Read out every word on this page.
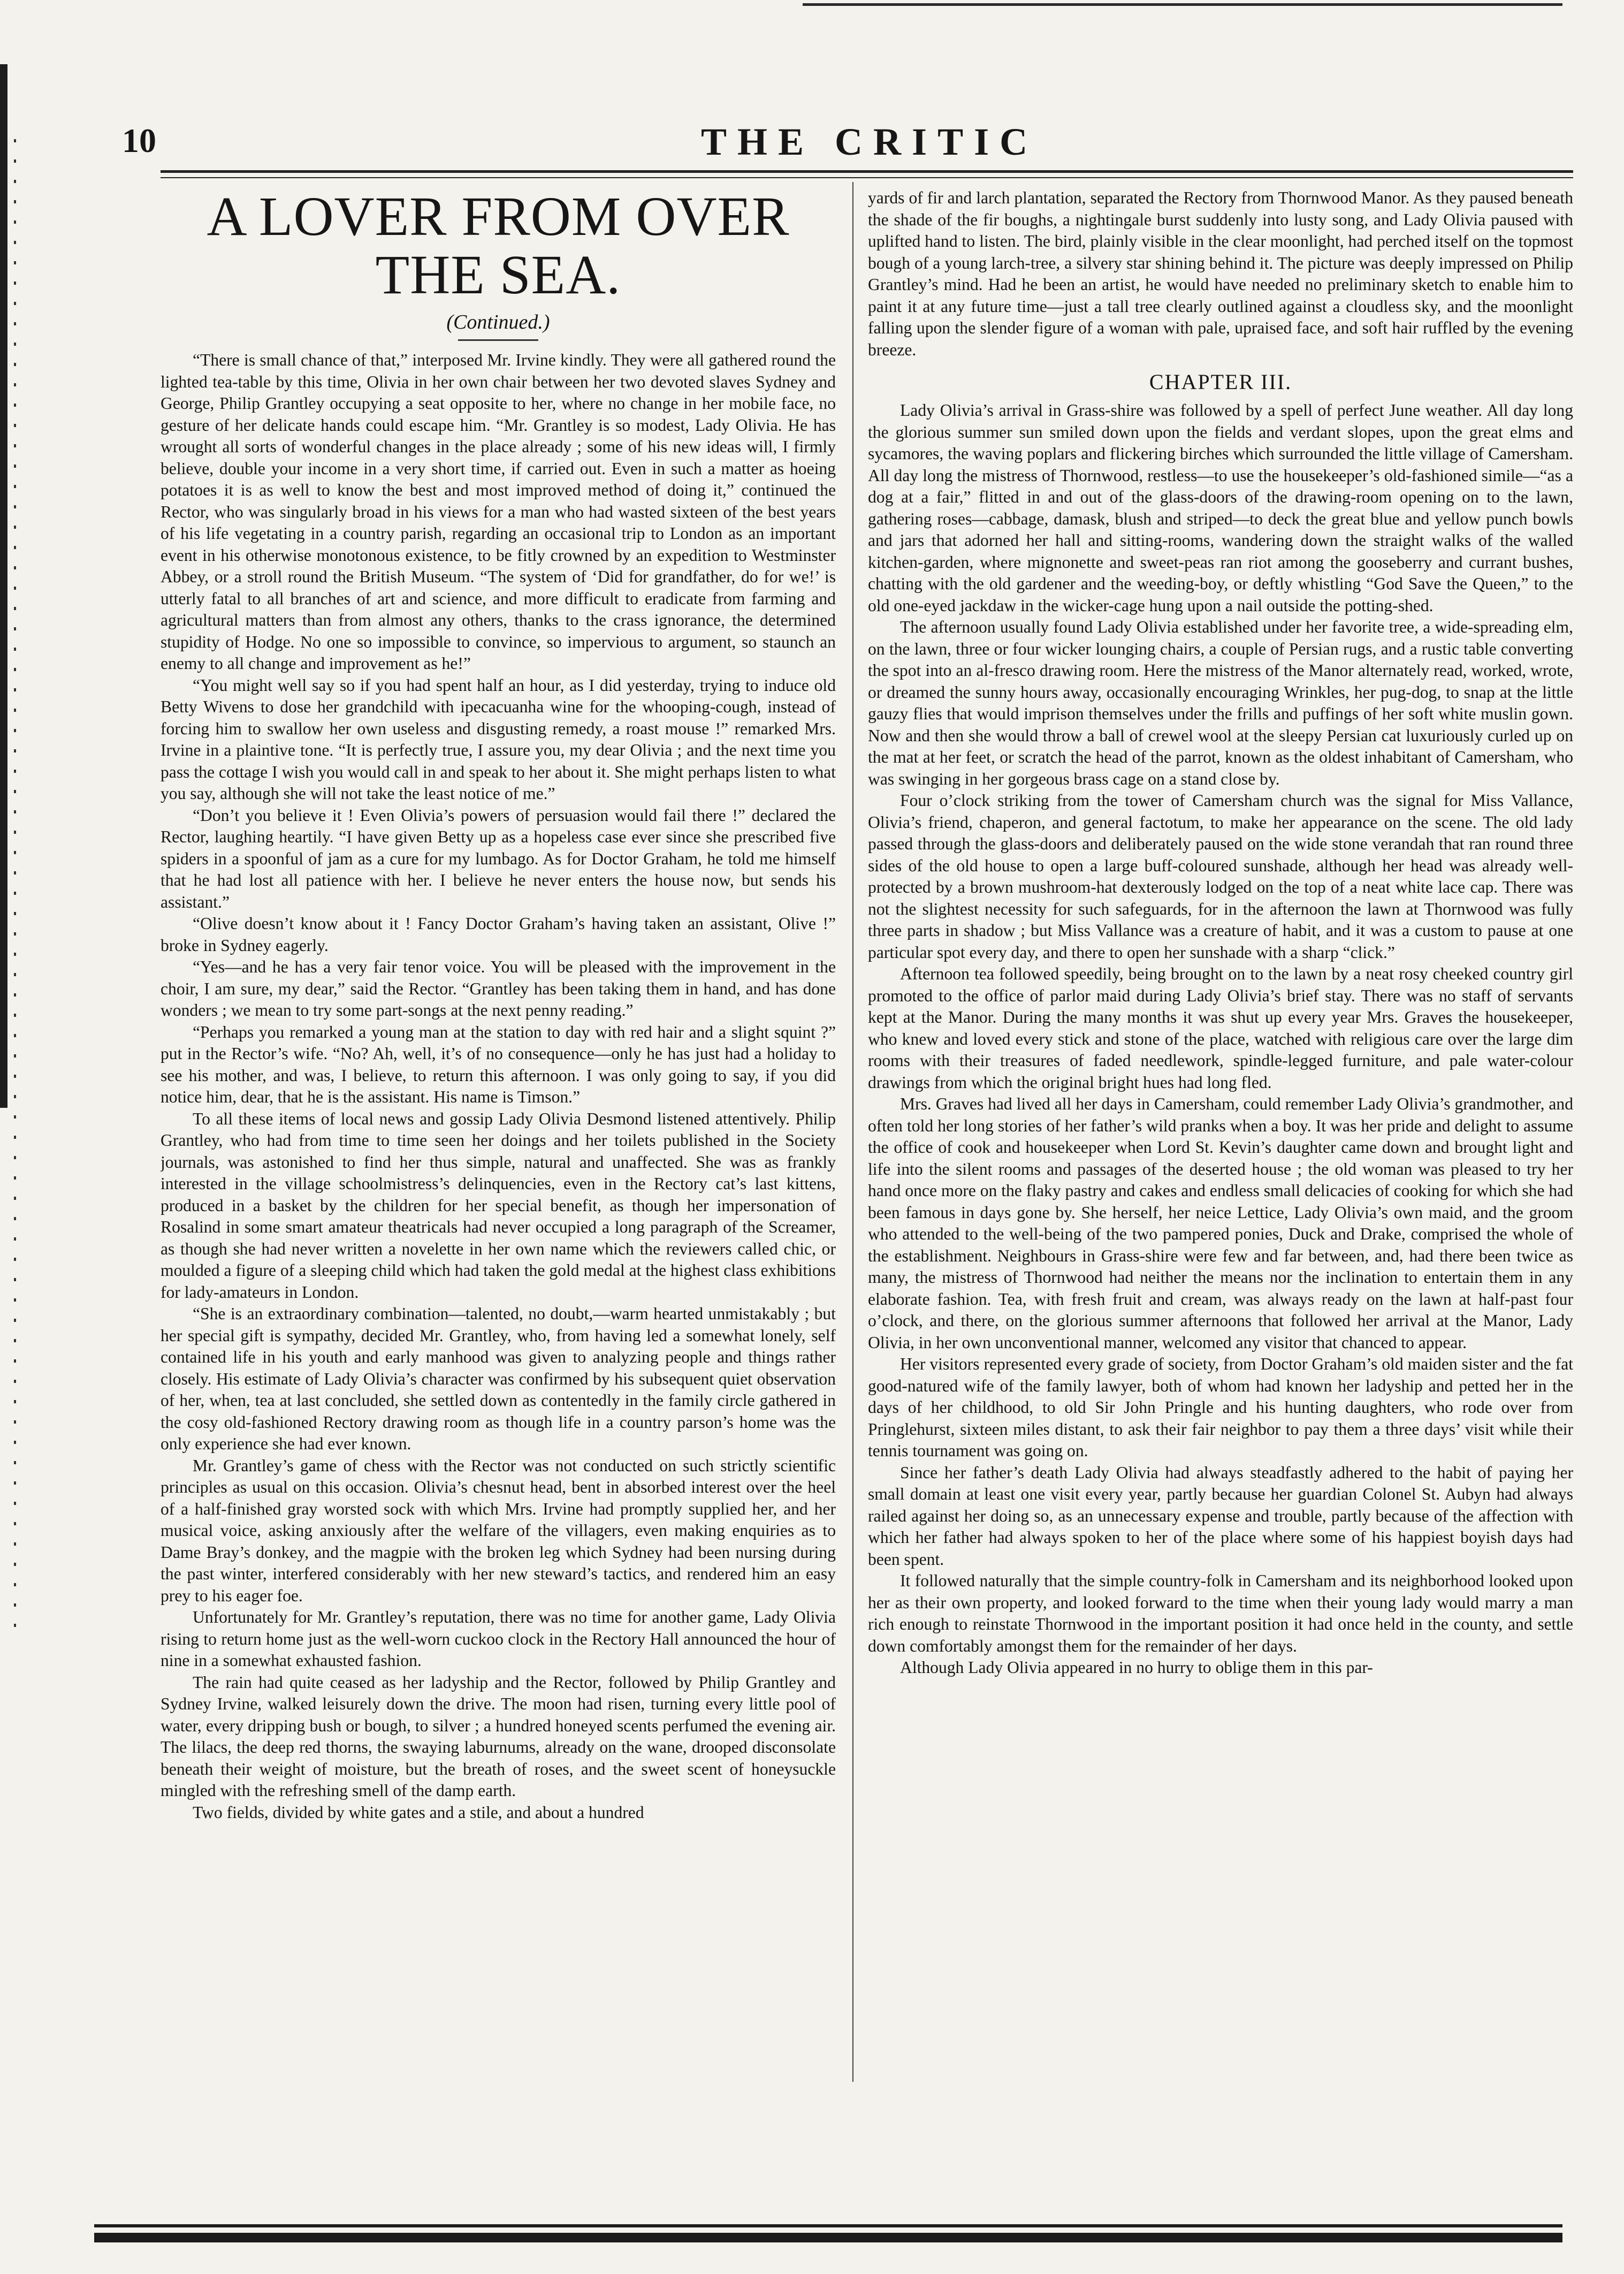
10	THE CRITIC
A LOVER FROM OVER THE SEA.
(Continued.)

“There is small chance of that,” interposed Mr. Irvine kindly. They were all gathered round the lighted tea-table by this time, Olivia in her own chair between her two devoted slaves Sydney and George, Philip Grantley occupying a seat opposite to her, where no change in her mobile face, no gesture of her delicate hands could escape him. “Mr. Grantley is so modest, Lady Olivia. He has wrought all sorts of wonderful changes in the place already ; some of his new ideas will, I firmly believe, double your income in a very short time, if carried out. Even in such a matter as hoeing potatoes it is as well to know the best and most improved method of doing it,” continued the Rector, who was singularly broad in his views for a man who had wasted sixteen of the best years of his life vegetating in a country parish, regarding an occasional trip to London as an important event in his otherwise monotonous existence, to be fitly crowned by an expedition to Westminster Abbey, or a stroll round the British Museum. “The system of ‘Did for grandfather, do for we!’ is utterly fatal to all branches of art and science, and more difficult to eradicate from farming and agricultural matters than from almost any others, thanks to the crass ignorance, the determined stupidity of Hodge. No one so impossible to convince, so impervious to argument, so staunch an enemy to all change and improvement as he!”

“You might well say so if you had spent half an hour, as I did yesterday, trying to induce old Betty Wivens to dose her grandchild with ipecacuanha wine for the whooping-cough, instead of forcing him to swallow her own useless and disgusting remedy, a roast mouse !” remarked Mrs. Irvine in a plaintive tone. “It is perfectly true, I assure you, my dear Olivia ; and the next time you pass the cottage I wish you would call in and speak to her about it. She might perhaps listen to what you say, although she will not take the least notice of me.”

“Don’t you believe it ! Even Olivia’s powers of persuasion would fail there !” declared the Rector, laughing heartily. “I have given Betty up as a hopeless case ever since she prescribed five spiders in a spoonful of jam as a cure for my lumbago. As for Doctor Graham, he told me himself that he had lost all patience with her. I believe he never enters the house now, but sends his assistant.”

“Olive doesn’t know about it ! Fancy Doctor Graham’s having taken an assistant, Olive !” broke in Sydney eagerly.

“Yes—and he has a very fair tenor voice. You will be pleased with the improvement in the choir, I am sure, my dear,” said the Rector. “Grantley has been taking them in hand, and has done wonders ; we mean to try some part-songs at the next penny reading.”

“Perhaps you remarked a young man at the station to day with red hair and a slight squint ?” put in the Rector’s wife. “No? Ah, well, it’s of no consequence—only he has just had a holiday to see his mother, and was, I believe, to return this afternoon. I was only going to say, if you did notice him, dear, that he is the assistant. His name is Timson.”

To all these items of local news and gossip Lady Olivia Desmond listened attentively. Philip Grantley, who had from time to time seen her doings and her toilets published in the Society journals, was astonished to find her thus simple, natural and unaffected. She was as frankly interested in the village schoolmistress’s delinquencies, even in the Rectory cat’s last kittens, produced in a basket by the children for her special benefit, as though her impersonation of Rosalind in some smart amateur theatricals had never occupied a long paragraph of the Screamer, as though she had never written a novelette in her own name which the reviewers called chic, or moulded a figure of a sleeping child which had taken the gold medal at the highest class exhibitions for lady-amateurs in London.

“She is an extraordinary combination—talented, no doubt,—warm hearted unmistakably ; but her special gift is sympathy, decided Mr. Grantley, who, from having led a somewhat lonely, self contained life in his youth and early manhood was given to analyzing people and things rather closely. His estimate of Lady Olivia’s character was confirmed by his subsequent quiet observation of her, when, tea at last concluded, she settled down as contentedly in the family circle gathered in the cosy old-fashioned Rectory drawing room as though life in a country parson’s home was the only experience she had ever known.

Mr. Grantley’s game of chess with the Rector was not conducted on such strictly scientific principles as usual on this occasion. Olivia’s chesnut head, bent in absorbed interest over the heel of a half-finished gray worsted sock with which Mrs. Irvine had promptly supplied her, and her musical voice, asking anxiously after the welfare of the villagers, even making enquiries as to Dame Bray’s donkey, and the magpie with the broken leg which Sydney had been nursing during the past winter, interfered considerably with her new steward’s tactics, and rendered him an easy prey to his eager foe.

Unfortunately for Mr. Grantley’s reputation, there was no time for another game, Lady Olivia rising to return home just as the well-worn cuckoo clock in the Rectory Hall announced the hour of nine in a somewhat exhausted fashion.

The rain had quite ceased as her ladyship and the Rector, followed by Philip Grantley and Sydney Irvine, walked leisurely down the drive. The moon had risen, turning every little pool of water, every dripping bush or bough, to silver ; a hundred honeyed scents perfumed the evening air. The lilacs, the deep red thorns, the swaying laburnums, already on the wane, drooped disconsolate beneath their weight of moisture, but the breath of roses, and the sweet scent of honeysuckle mingled with the refreshing smell of the damp earth.

Two fields, divided by white gates and a stile, and about a hundred

yards of fir and larch plantation, separated the Rectory from Thornwood Manor. As they paused beneath the shade of the fir boughs, a nightingale burst suddenly into lusty song, and Lady Olivia paused with uplifted hand to listen. The bird, plainly visible in the clear moonlight, had perched itself on the topmost bough of a young larch-tree, a silvery star shining behind it. The picture was deeply impressed on Philip Grantley’s mind. Had he been an artist, he would have needed no preliminary sketch to enable him to paint it at any future time—just a tall tree clearly outlined against a cloudless sky, and the moonlight falling upon the slender figure of a woman with pale, upraised face, and soft hair ruffled by the evening breeze.

CHAPTER III.

Lady Olivia’s arrival in Grass-shire was followed by a spell of perfect June weather. All day long the glorious summer sun smiled down upon the fields and verdant slopes, upon the great elms and sycamores, the waving poplars and flickering birches which surrounded the little village of Camersham. All day long the mistress of Thornwood, restless—to use the housekeeper’s old-fashioned simile—“as a dog at a fair,” flitted in and out of the glass-doors of the drawing-room opening on to the lawn, gathering roses—cabbage, damask, blush and striped—to deck the great blue and yellow punch bowls and jars that adorned her hall and sitting-rooms, wandering down the straight walks of the walled kitchen-garden, where mignonette and sweet-peas ran riot among the gooseberry and currant bushes, chatting with the old gardener and the weeding-boy, or deftly whistling “God Save the Queen,” to the old one-eyed jackdaw in the wicker-cage hung upon a nail outside the potting-shed.

The afternoon usually found Lady Olivia established under her favorite tree, a wide-spreading elm, on the lawn, three or four wicker lounging chairs, a couple of Persian rugs, and a rustic table converting the spot into an al-fresco drawing room. Here the mistress of the Manor alternately read, worked, wrote, or dreamed the sunny hours away, occasionally encouraging Wrinkles, her pug-dog, to snap at the little gauzy flies that would imprison themselves under the frills and puffings of her soft white muslin gown. Now and then she would throw a ball of crewel wool at the sleepy Persian cat luxuriously curled up on the mat at her feet, or scratch the head of the parrot, known as the oldest inhabitant of Camersham, who was swinging in her gorgeous brass cage on a stand close by.

Four o’clock striking from the tower of Camersham church was the signal for Miss Vallance, Olivia’s friend, chaperon, and general factotum, to make her appearance on the scene. The old lady passed through the glass-doors and deliberately paused on the wide stone verandah that ran round three sides of the old house to open a large buff-coloured sunshade, although her head was already well-protected by a brown mushroom-hat dexterously lodged on the top of a neat white lace cap. There was not the slightest necessity for such safeguards, for in the afternoon the lawn at Thornwood was fully three parts in shadow ; but Miss Vallance was a creature of habit, and it was a custom to pause at one particular spot every day, and there to open her sunshade with a sharp “click.”

Afternoon tea followed speedily, being brought on to the lawn by a neat rosy cheeked country girl promoted to the office of parlor maid during Lady Olivia’s brief stay. There was no staff of servants kept at the Manor. During the many months it was shut up every year Mrs. Graves the housekeeper, who knew and loved every stick and stone of the place, watched with religious care over the large dim rooms with their treasures of faded needlework, spindle-legged furniture, and pale water-colour drawings from which the original bright hues had long fled.

Mrs. Graves had lived all her days in Camersham, could remember Lady Olivia’s grandmother, and often told her long stories of her father’s wild pranks when a boy. It was her pride and delight to assume the office of cook and housekeeper when Lord St. Kevin’s daughter came down and brought light and life into the silent rooms and passages of the deserted house ; the old woman was pleased to try her hand once more on the flaky pastry and cakes and endless small delicacies of cooking for which she had been famous in days gone by. She herself, her neice Lettice, Lady Olivia’s own maid, and the groom who attended to the well-being of the two pampered ponies, Duck and Drake, comprised the whole of the establishment. Neighbours in Grass-shire were few and far between, and, had there been twice as many, the mistress of Thornwood had neither the means nor the inclination to entertain them in any elaborate fashion. Tea, with fresh fruit and cream, was always ready on the lawn at half-past four o’clock, and there, on the glorious summer afternoons that followed her arrival at the Manor, Lady Olivia, in her own unconventional manner, welcomed any visitor that chanced to appear.

Her visitors represented every grade of society, from Doctor Graham’s old maiden sister and the fat good-natured wife of the family lawyer, both of whom had known her ladyship and petted her in the days of her childhood, to old Sir John Pringle and his hunting daughters, who rode over from Pringlehurst, sixteen miles distant, to ask their fair neighbor to pay them a three days’ visit while their tennis tournament was going on.

Since her father’s death Lady Olivia had always steadfastly adhered to the habit of paying her small domain at least one visit every year, partly because her guardian Colonel St. Aubyn had always railed against her doing so, as an unnecessary expense and trouble, partly because of the affection with which her father had always spoken to her of the place where some of his happiest boyish days had been spent.

It followed naturally that the simple country-folk in Camersham and its neighborhood looked upon her as their own property, and looked forward to the time when their young lady would marry a man rich enough to reinstate Thornwood in the important position it had once held in the county, and settle down comfortably amongst them for the remainder of her days.

Although Lady Olivia appeared in no hurry to oblige them in this par-
